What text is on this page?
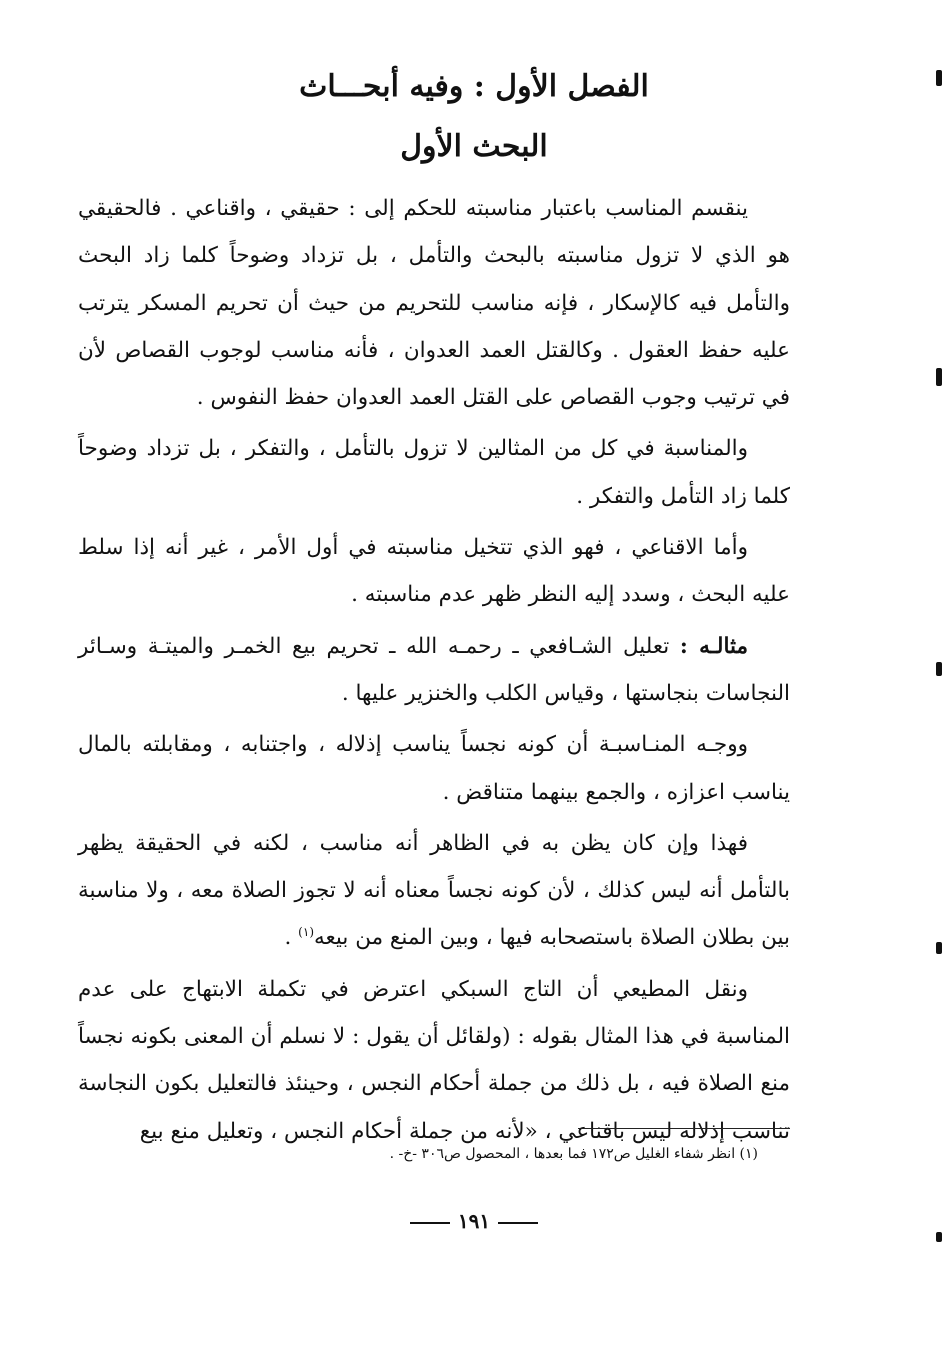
الفصل الأول : وفيه أبحـــاث
البحث الأول

ينقسم المناسب باعتبار مناسبته للحكم إلى : حقيقي ، واقناعي . فالحقيقي هو الذي لا تزول مناسبته بالبحث والتأمل ، بل تزداد وضوحاً كلما زاد البحث والتأمل فيه كالإسكار ، فإنه مناسب للتحريم من حيث أن تحريم المسكر يترتب عليه حفظ العقول . وكالقتل العمد العدوان ، فأنه مناسب لوجوب القصاص لأن في ترتيب وجوب القصاص على القتل العمد العدوان حفظ النفوس .

والمناسبة في كل من المثالين لا تزول بالتأمل ، والتفكر ، بل تزداد وضوحاً كلما زاد التأمل والتفكر .

وأما الاقناعي ، فهو الذي تتخيل مناسبته في أول الأمر ، غير أنه إذا سلط عليه البحث ، وسدد إليه النظر ظهر عدم مناسبته .

مثالـه : تعليل الشـافعي ـ رحمـه الله ـ تحريم بيع الخمـر والميتـة وسـائر النجاسات بنجاستها ، وقياس الكلب والخنزير عليها .

ووجـه المنـاسبـة أن كونه نجساً يناسب إذلاله ، واجتنابه ، ومقابلته بالمال يناسب اعزازه ، والجمع بينهما متناقض .

فهذا وإن كان يظن به في الظاهر أنه مناسب ، لكنه في الحقيقة يظهر بالتأمل أنه ليس كذلك ، لأن كونه نجساً معناه أنه لا تجوز الصلاة معه ، ولا مناسبة بين بطلان الصلاة باستصحابه فيها ، وبين المنع من بيعه$^{(١)}$ .

ونقل المطيعي أن التاج السبكي اعترض في تكملة الابتهاج على عدم المناسبة في هذا المثال بقوله : (ولقائل أن يقول : لا نسلم أن المعنى بكونه نجساً منع الصلاة فيه ، بل ذلك من جملة أحكام النجس ، وحينئذ فالتعليل بكون النجاسة تناسب إذلاله ليس باقناعي ، «لأنه من جملة أحكام النجس ، وتعليل منع بيع

(١) انظر شفاء الغليل ص١٧٢ فما بعدها ، المحصول ص٣٠٦ -خ- .
١٩١
